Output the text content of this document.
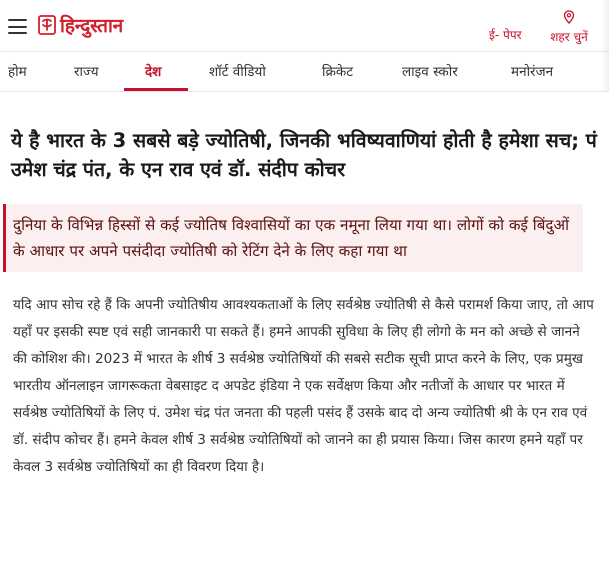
हिन्दुस्तान	ई- पेपर	शहर चुनें
होम	राज्य	देश	शॉर्ट वीडियो	क्रिकेट	लाइव स्कोर	मनोरंजन
ये है भारत के 3 सबसे बड़े ज्योतिषी, जिनकी भविष्यवाणियां होती है हमेशा सच; पं उमेश चंद्र पंत, के एन राव एवं डॉ. संदीप कोचर

दुनिया के विभिन्न हिस्सों से कई ज्योतिष विश्वासियों का एक नमूना लिया गया था। लोगों को कई बिंदुओं के आधार पर अपने पसंदीदा ज्योतिषी को रेटिंग देने के लिए कहा गया था

यदि आप सोच रहे हैं कि अपनी ज्योतिषीय आवश्यकताओं के लिए सर्वश्रेष्ठ ज्योतिषी से कैसे परामर्श किया जाए, तो आप यहाँ पर इसकी स्पष्ट एवं सही जानकारी पा सकते हैं। हमने आपकी सुविधा के लिए ही लोगो के मन को अच्छे से जानने की कोशिश की। 2023 में भारत के शीर्ष 3 सर्वश्रेष्ठ ज्योतिषियों की सबसे सटीक सूची प्राप्त करने के लिए, एक प्रमुख भारतीय ऑनलाइन जागरूकता वेबसाइट द अपडेट इंडिया ने एक सर्वेक्षण किया और नतीजों के आधार पर भारत में सर्वश्रेष्ठ ज्योतिषियों के लिए पं. उमेश चंद्र पंत जनता की पहली पसंद हैं उसके बाद दो अन्य ज्योतिषी श्री के एन राव एवं डॉ. संदीप कोचर हैं। हमने केवल शीर्ष 3 सर्वश्रेष्ठ ज्योतिषियों को जानने का ही प्रयास किया। जिस कारण हमने यहाँ पर केवल 3 सर्वश्रेष्ठ ज्योतिषियों का ही विवरण दिया है।
